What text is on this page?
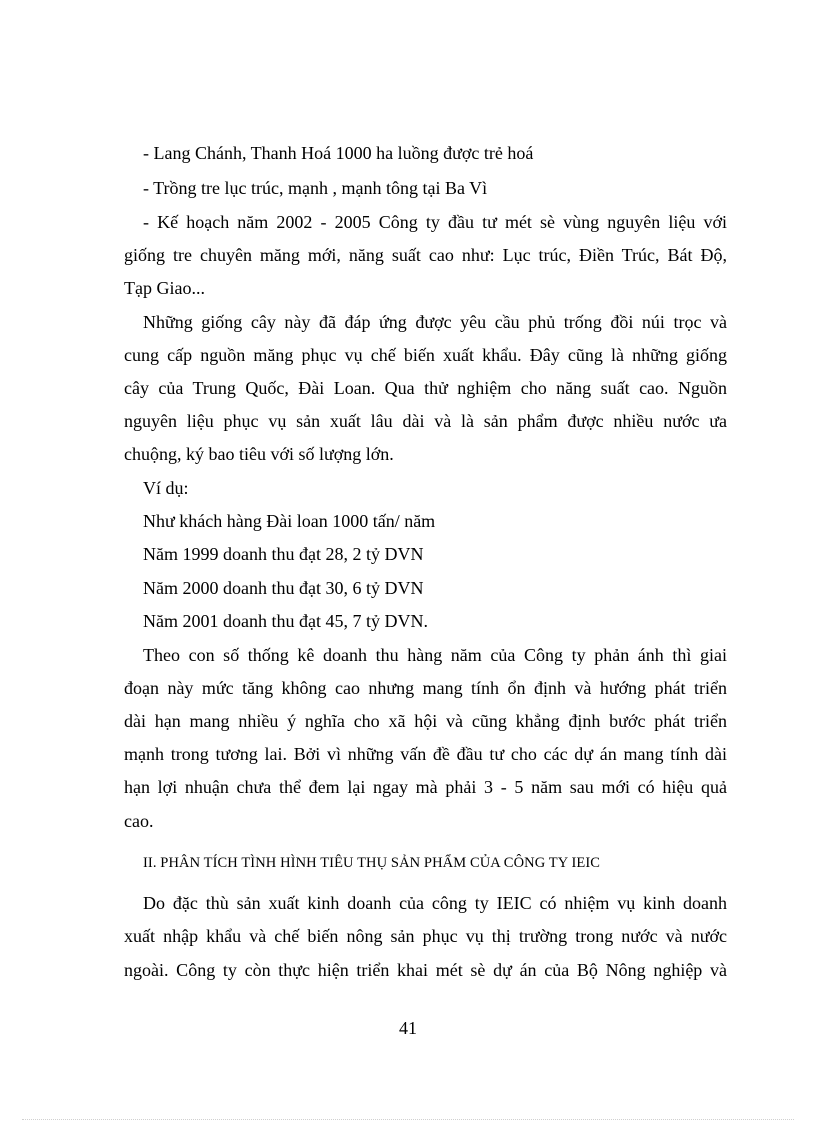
- Lang Chánh, Thanh Hoá 1000 ha luồng được trẻ hoá
- Trồng tre lục trúc, mạnh , mạnh tông tại Ba Vì
- Kế hoạch năm 2002 - 2005 Công ty đầu tư mét sè vùng nguyên liệu với
giống tre chuyên măng mới, năng suất cao như: Lục trúc, Điền Trúc, Bát Độ,
Tạp Giao...
Những giống cây này đã đáp ứng được yêu cầu phủ trống đồi núi trọc và
cung cấp nguồn măng phục vụ chế biến xuất khẩu. Đây cũng là những giống
cây của Trung Quốc, Đài Loan. Qua thử nghiệm cho năng suất cao. Nguồn
nguyên liệu phục vụ sản xuất lâu dài và là sản phẩm được nhiều nước ưa
chuộng, ký bao tiêu với số lượng lớn.
Ví dụ:
Như khách hàng Đài loan 1000 tấn/ năm
Năm 1999 doanh thu đạt 28, 2 tỷ DVN
Năm 2000 doanh thu đạt 30, 6 tỷ DVN
Năm 2001 doanh thu đạt 45, 7 tỷ DVN.
Theo con số thống kê doanh thu hàng năm của Công ty phản ánh thì giai
đoạn này mức tăng không cao nhưng mang tính ổn định và hướng phát triển
dài hạn mang nhiều ý nghĩa cho xã hội và cũng khẳng định bước phát triển
mạnh trong tương lai. Bởi vì những vấn đề đầu tư cho các dự án mang tính dài
hạn lợi nhuận chưa thể đem lại ngay mà phải 3 - 5 năm sau mới có hiệu quả
cao.
II. PHÂN TÍCH TÌNH HÌNH TIÊU THỤ SẢN PHẨM CỦA CÔNG TY IEIC
Do đặc thù sản xuất kinh doanh của công ty IEIC có nhiệm vụ kinh doanh
xuất nhập khẩu và chế biến nông sản phục vụ thị trường trong nước và nước
ngoài. Công ty còn thực hiện triển khai mét sè dự án của Bộ Nông nghiệp và
41
